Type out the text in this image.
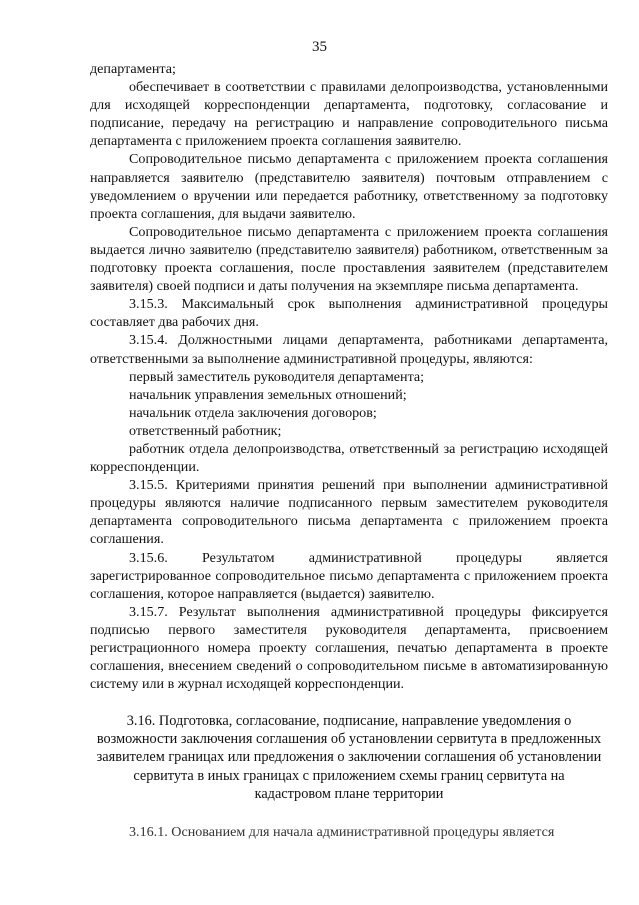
35

департамента;

обеспечивает в соответствии с правилами делопроизводства, установленными для исходящей корреспонденции департамента, подготовку, согласование и подписание, передачу на регистрацию и направление сопроводительного письма департамента с приложением проекта соглашения заявителю.

Сопроводительное письмо департамента с приложением проекта соглашения направляется заявителю (представителю заявителя) почтовым отправлением с уведомлением о вручении или передается работнику, ответственному за подготовку проекта соглашения, для выдачи заявителю.

Сопроводительное письмо департамента с приложением проекта соглашения выдается лично заявителю (представителю заявителя) работником, ответственным за подготовку проекта соглашения, после проставления заявителем (представителем заявителя) своей подписи и даты получения на экземпляре письма департамента.

3.15.3. Максимальный срок выполнения административной процедуры составляет два рабочих дня.

3.15.4. Должностными лицами департамента, работниками департамента, ответственными за выполнение административной процедуры, являются:

первый заместитель руководителя департамента;

начальник управления земельных отношений;

начальник отдела заключения договоров;

ответственный работник;

работник отдела делопроизводства, ответственный за регистрацию исходящей корреспонденции.

3.15.5. Критериями принятия решений при выполнении административной процедуры являются наличие подписанного первым заместителем руководителя департамента сопроводительного письма департамента с приложением проекта соглашения.

3.15.6. Результатом административной процедуры является зарегистрированное сопроводительное письмо департамента с приложением проекта соглашения, которое направляется (выдается) заявителю.

3.15.7. Результат выполнения административной процедуры фиксируется подписью первого заместителя руководителя департамента, присвоением регистрационного номера проекту соглашения, печатью департамента в проекте соглашения, внесением сведений о сопроводительном письме в автоматизированную систему или в журнал исходящей корреспонденции.

3.16. Подготовка, согласование, подписание, направление уведомления о возможности заключения соглашения об установлении сервитута в предложенных заявителем границах или предложения о заключении соглашения об установлении сервитута в иных границах с приложением схемы границ сервитута на кадастровом плане территории

3.16.1. Основанием для начала административной процедуры является
